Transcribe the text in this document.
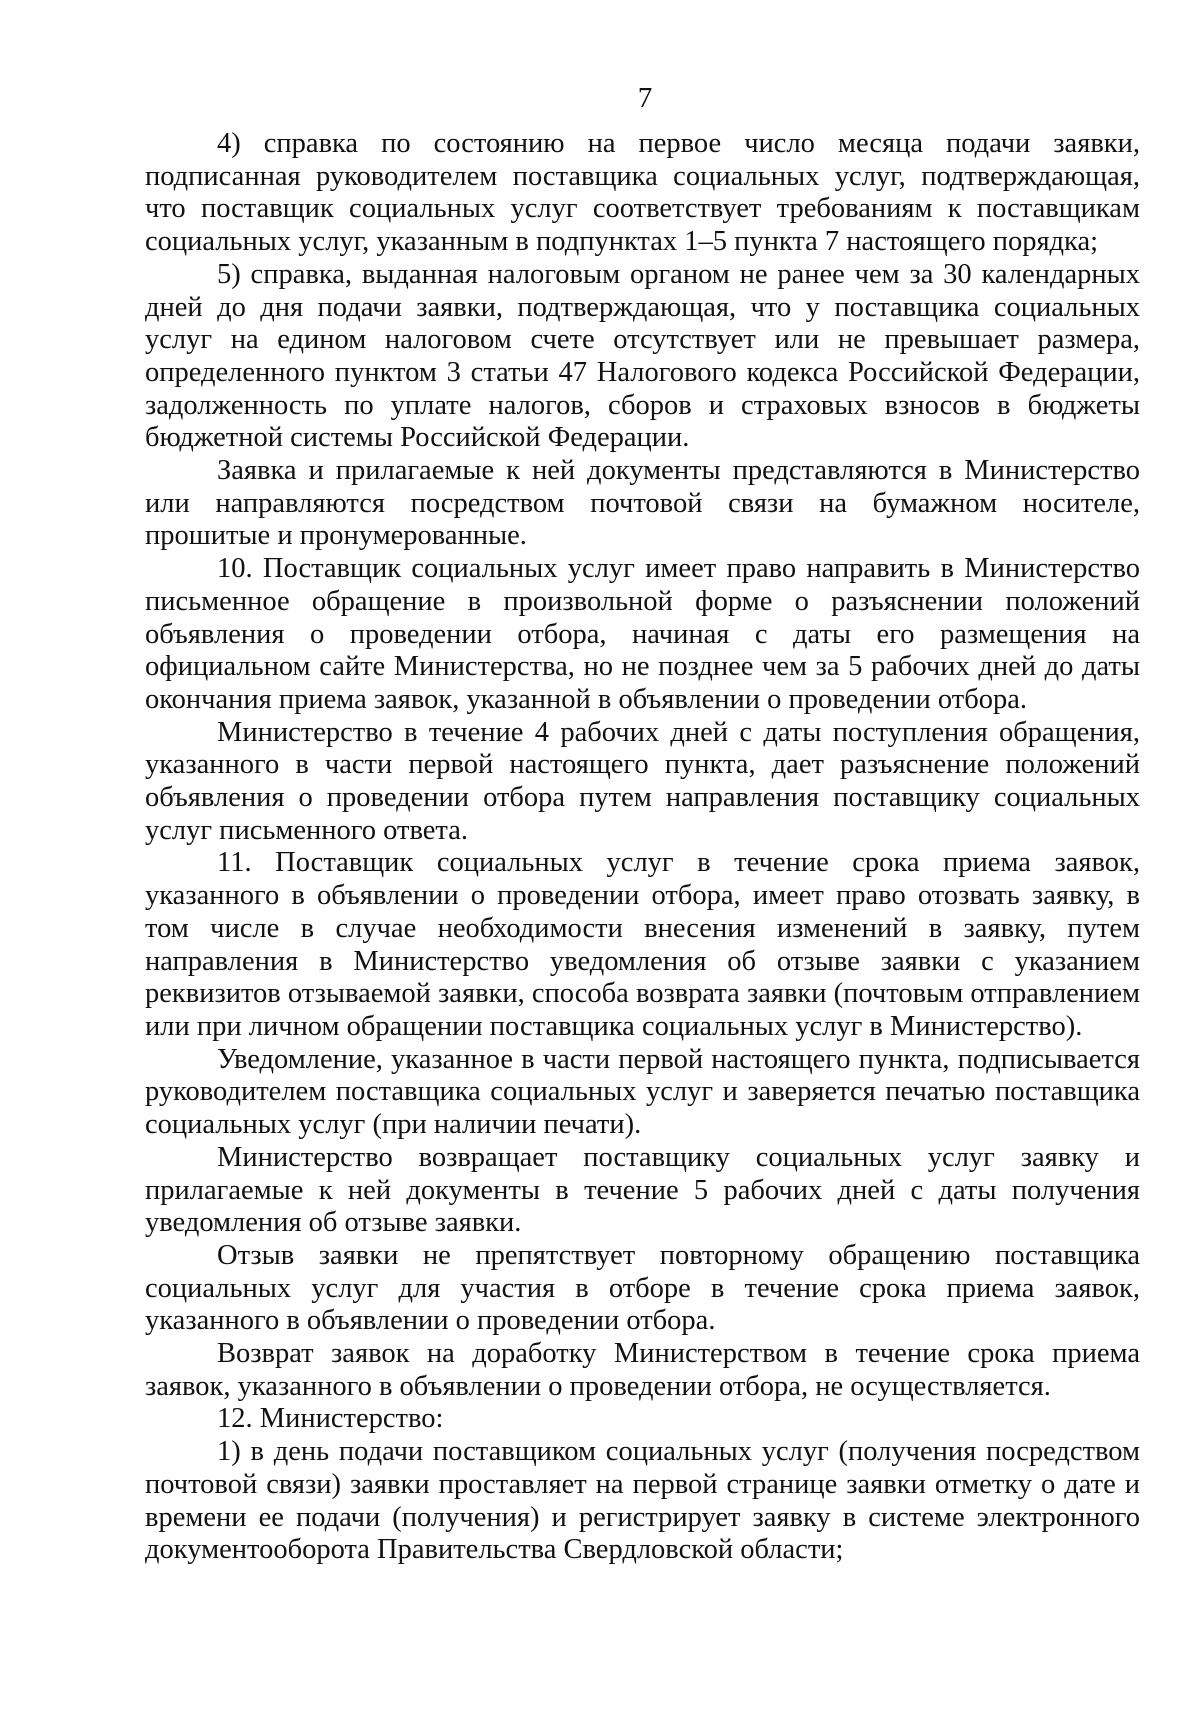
7

4) справка по состоянию на первое число месяца подачи заявки, подписанная руководителем поставщика социальных услуг, подтверждающая, что поставщик социальных услуг соответствует требованиям к поставщикам социальных услуг, указанным в подпунктах 1–5 пункта 7 настоящего порядка;

5) справка, выданная налоговым органом не ранее чем за 30 календарных дней до дня подачи заявки, подтверждающая, что у поставщика социальных услуг на едином налоговом счете отсутствует или не превышает размера, определенного пунктом 3 статьи 47 Налогового кодекса Российской Федерации, задолженность по уплате налогов, сборов и страховых взносов в бюджеты бюджетной системы Российской Федерации.

Заявка и прилагаемые к ней документы представляются в Министерство или направляются посредством почтовой связи на бумажном носителе, прошитые и пронумерованные.

10. Поставщик социальных услуг имеет право направить в Министерство письменное обращение в произвольной форме о разъяснении положений объявления о проведении отбора, начиная с даты его размещения на официальном сайте Министерства, но не позднее чем за 5 рабочих дней до даты окончания приема заявок, указанной в объявлении о проведении отбора.

Министерство в течение 4 рабочих дней с даты поступления обращения, указанного в части первой настоящего пункта, дает разъяснение положений объявления о проведении отбора путем направления поставщику социальных услуг письменного ответа.

11. Поставщик социальных услуг в течение срока приема заявок, указанного в объявлении о проведении отбора, имеет право отозвать заявку, в том числе в случае необходимости внесения изменений в заявку, путем направления в Министерство уведомления об отзыве заявки с указанием реквизитов отзываемой заявки, способа возврата заявки (почтовым отправлением или при личном обращении поставщика социальных услуг в Министерство).

Уведомление, указанное в части первой настоящего пункта, подписывается руководителем поставщика социальных услуг и заверяется печатью поставщика социальных услуг (при наличии печати).

Министерство возвращает поставщику социальных услуг заявку и прилагаемые к ней документы в течение 5 рабочих дней с даты получения уведомления об отзыве заявки.

Отзыв заявки не препятствует повторному обращению поставщика социальных услуг для участия в отборе в течение срока приема заявок, указанного в объявлении о проведении отбора.

Возврат заявок на доработку Министерством в течение срока приема заявок, указанного в объявлении о проведении отбора, не осуществляется.

12. Министерство:

1) в день подачи поставщиком социальных услуг (получения посредством почтовой связи) заявки проставляет на первой странице заявки отметку о дате и времени ее подачи (получения) и регистрирует заявку в системе электронного документооборота Правительства Свердловской области;
